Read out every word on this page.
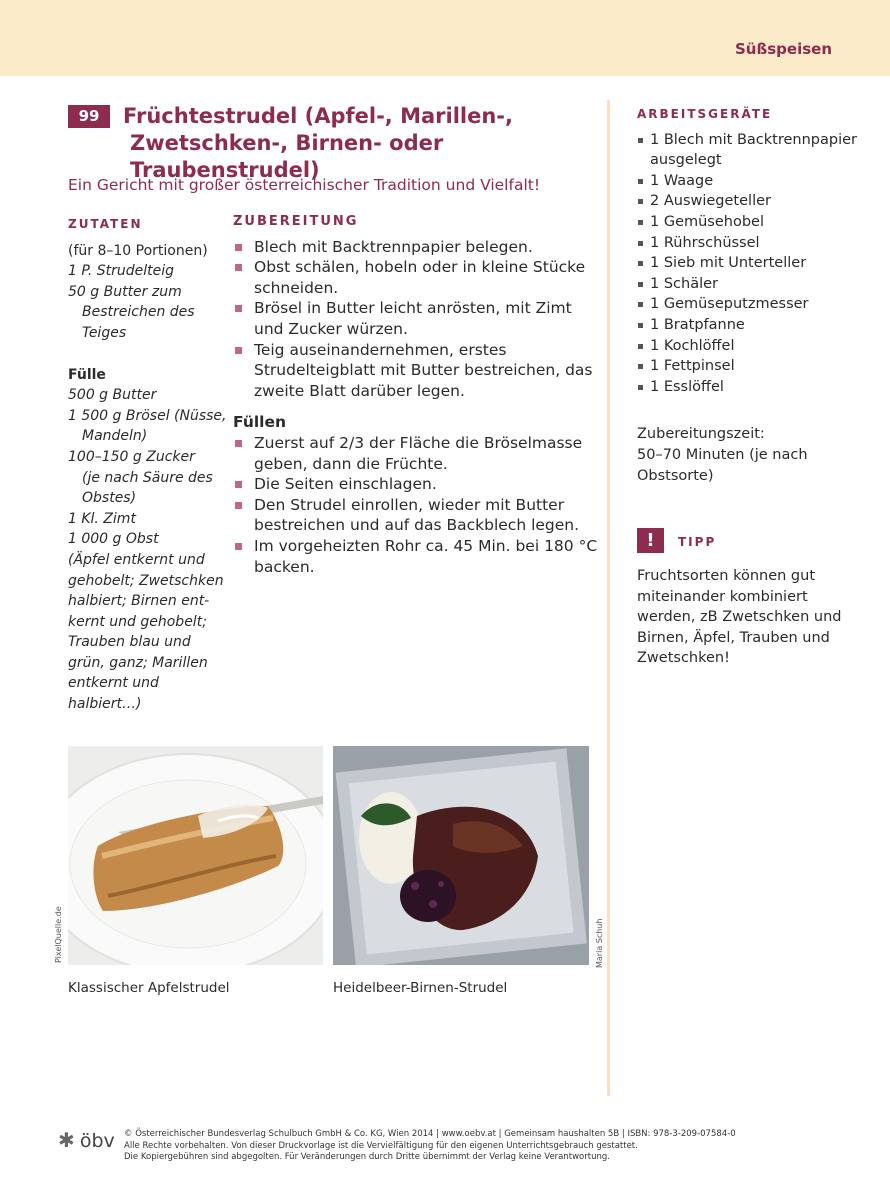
Süßspeisen
99	Früchtestrudel (Apfel-, Marillen-,
Zwetschken-, Birnen- oder Traubenstrudel)
Ein Gericht mit großer österreichischer Tradition und Vielfalt!
ZUTATEN
(für 8–10 Portionen)
1 P. Strudelteig
50 g Butter zum
Bestreichen des
Teiges
Fülle
500 g Butter
1 500 g Brösel (Nüsse,
Mandeln)
100–150 g Zucker
(je nach Säure des
Obstes)
1 Kl. Zimt
1 000 g Obst
(Äpfel entkernt und
gehobelt; Zwetschken
halbiert; Birnen ent-
kernt und gehobelt;
Trauben blau und
grün, ganz; Marillen
entkernt und
halbiert…)
ZUBEREITUNG
Blech mit Backtrennpapier belegen.
Obst schälen, hobeln oder in kleine Stücke schneiden.
Brösel in Butter leicht anrösten, mit Zimt und Zucker würzen.
Teig auseinandernehmen, erstes Strudelteigblatt mit Butter bestreichen, das zweite Blatt darüber legen.
Füllen
Zuerst auf 2/3 der Fläche die Bröselmasse geben, dann die Früchte.
Die Seiten einschlagen.
Den Strudel einrollen, wieder mit Butter bestreichen und auf das Backblech legen.
Im vorgeheizten Rohr ca. 45 Min. bei 180 °C backen.
ARBEITSGERÄTE
1 Blech mit Backtrennpapier ausgelegt
1 Waage
2 Auswiegeteller
1 Gemüsehobel
1 Rührschüssel
1 Sieb mit Unterteller
1 Schäler
1 Gemüseputzmesser
1 Bratpfanne
1 Kochlöffel
1 Fettpinsel
1 Esslöffel
Zubereitungszeit:
50–70 Minuten (je nach Obstsorte)
!	TIPP
Fruchtsorten können gut miteinander kombiniert werden, zB Zwetschken und Birnen, Äpfel, Trauben und Zwetschken!
Klassischer Apfelstrudel	Heidelbeer-Birnen-Strudel
PixelQuelle.de	Maria Schuh
✱ öbv © Österreichischer Bundesverlag Schulbuch GmbH & Co. KG, Wien 2014 | www.oebv.at | Gemeinsam haushalten 5B | ISBN: 978-3-209-07584-0
Alle Rechte vorbehalten. Von dieser Druckvorlage ist die Vervielfältigung für den eigenen Unterrichtsgebrauch gestattet.
Die Kopiergebühren sind abgegolten. Für Veränderungen durch Dritte übernimmt der Verlag keine Verantwortung.
